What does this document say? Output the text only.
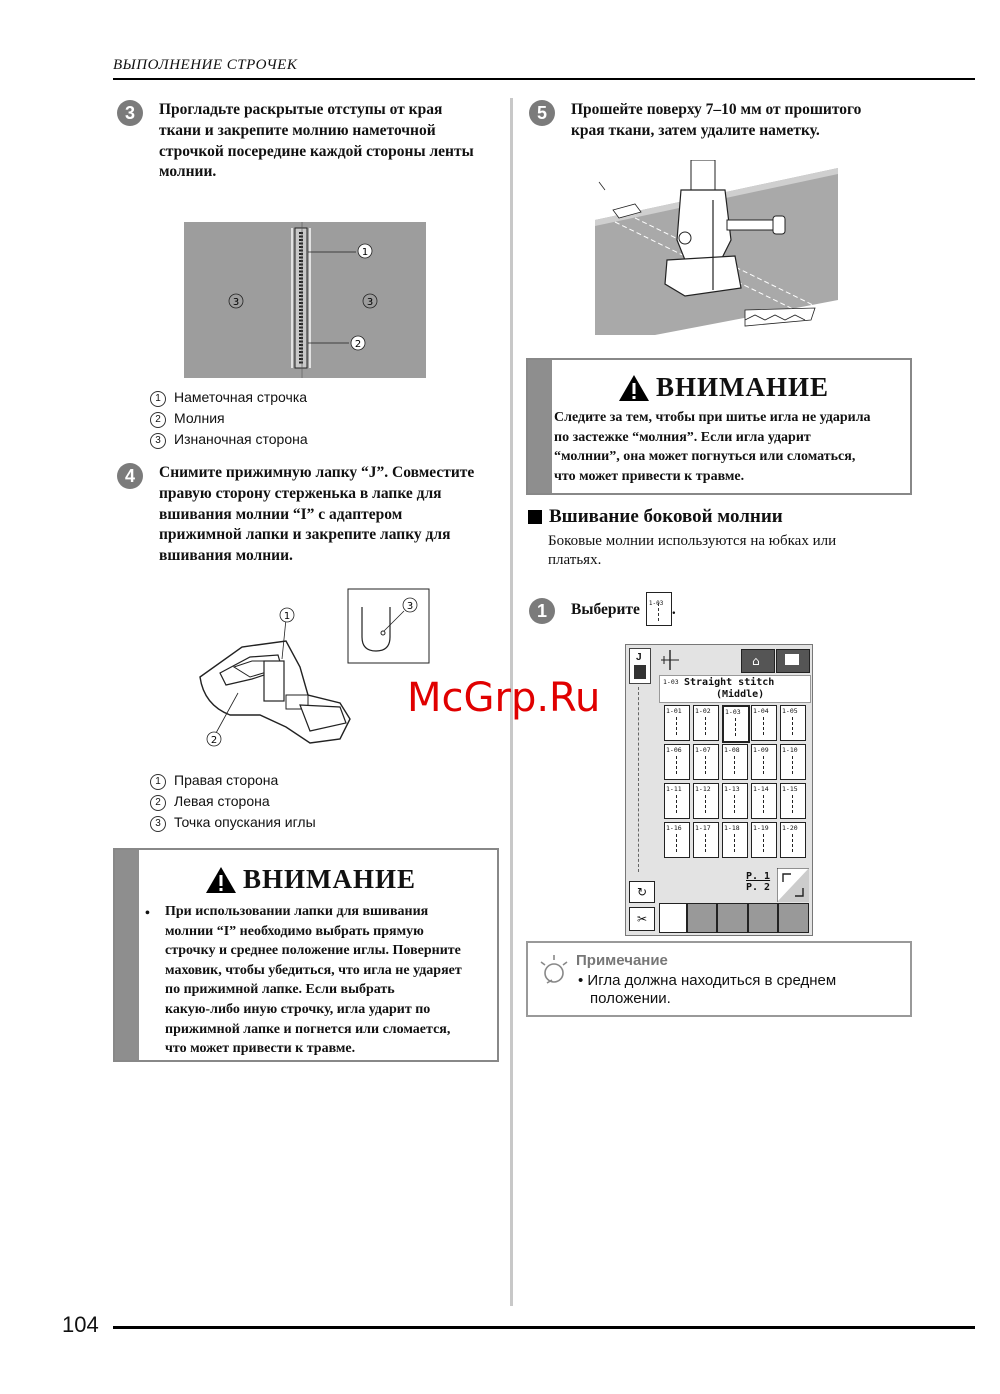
ВЫПОЛНЕНИЕ СТРОЧЕК
3	Прогладьте раскрытые отступы от края
ткани и закрепите молнию наметочной
строчкой посередине каждой стороны ленты
молнии.
1
2
3	3
1 Наметочная строчка
2 Молния
3 Изнаночная сторона
4	Снимите прижимную лапку “J”. Совместите
правую сторону стерженька в лапке для
вшивания молнии “I” с адаптером
прижимной лапки и закрепите лапку для
вшивания молнии.
3
1
2
1 Правая сторона
2 Левая сторона
3 Точка опускания иглы
ВНИМАНИЕ
• При использовании лапки для вшивания
молнии “I” необходимо выбрать прямую
строчку и среднее положение иглы. Поверните
маховик, чтобы убедиться, что игла не ударяет
по прижимной лапке. Если выбрать
какую-либо иную строчку, игла ударит по
прижимной лапке и погнется или сломается,
что может привести к травме.
5	Прошейте поверху 7–10 мм от прошитого
края ткани, затем удалите наметку.
ВНИМАНИЕ
Следите за тем, чтобы при шитье игла не ударила
по застежке “молния”. Если игла ударит
“молнии”, она может погнуться или сломаться,
что может привести к травме.
Вшивание боковой молнии
Боковые молнии используются на юбках или
платьях.
1	Выберите 1-03 .
J	⌂
1-03 Straight stitch
(Middle)
1-01 1-02 1-03 1-04 1-05
1-06 1-07 1-08 1-09 1-10
1-11 1-12 1-13 1-14 1-15
1-16 1-17 1-18 1-19 1-20
P. 1
P. 2
↻
✂
Примечание
• Игла должна находиться в среднем
положении.
McGrp.Ru
104
